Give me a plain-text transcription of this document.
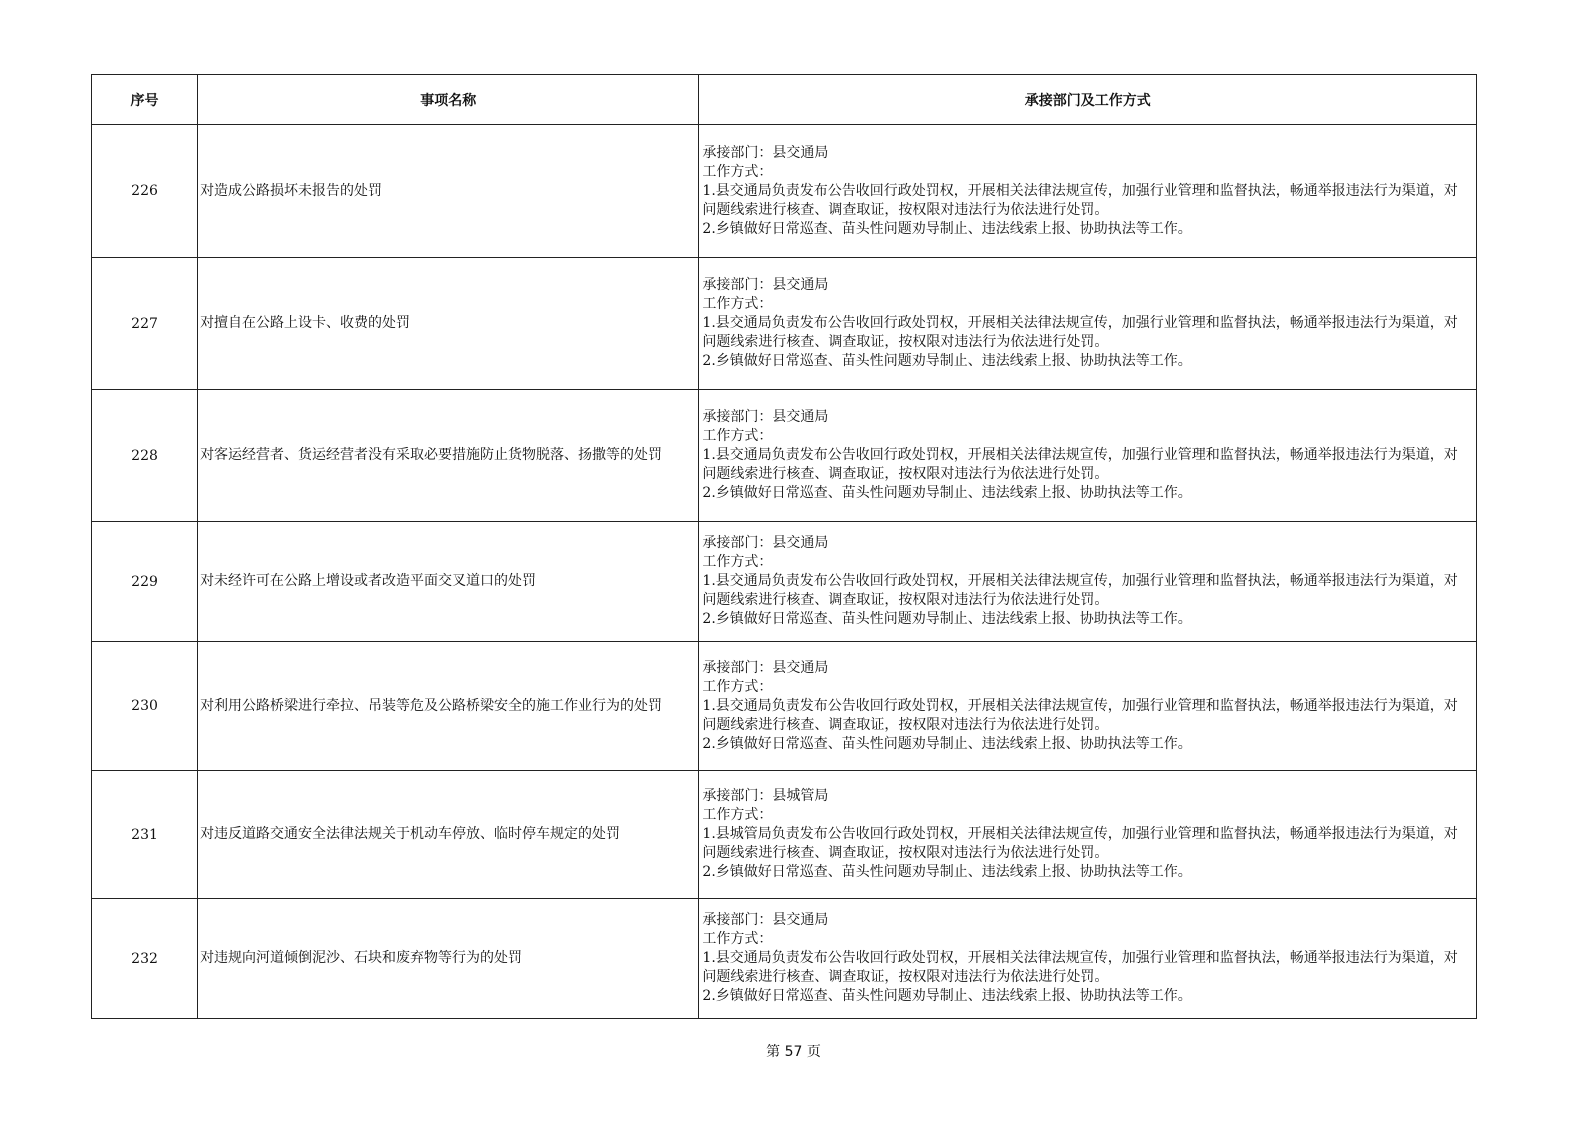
序号	事项名称	承接部门及工作方式
226	对造成公路损坏未报告的处罚	承接部门：县交通局
工作方式：
1.县交通局负责发布公告收回行政处罚权，开展相关法律法规宣传，加强行业管理和监督执法，畅通举报违法行为渠道，对问题线索进行核查、调查取证，按权限对违法行为依法进行处罚。
2.乡镇做好日常巡查、苗头性问题劝导制止、违法线索上报、协助执法等工作。

227	对擅自在公路上设卡、收费的处罚	承接部门：县交通局
工作方式：
1.县交通局负责发布公告收回行政处罚权，开展相关法律法规宣传，加强行业管理和监督执法，畅通举报违法行为渠道，对问题线索进行核查、调查取证，按权限对违法行为依法进行处罚。
2.乡镇做好日常巡查、苗头性问题劝导制止、违法线索上报、协助执法等工作。

228	对客运经营者、货运经营者没有采取必要措施防止货物脱落、扬撒等的处罚	承接部门：县交通局
工作方式：
1.县交通局负责发布公告收回行政处罚权，开展相关法律法规宣传，加强行业管理和监督执法，畅通举报违法行为渠道，对问题线索进行核查、调查取证，按权限对违法行为依法进行处罚。
2.乡镇做好日常巡查、苗头性问题劝导制止、违法线索上报、协助执法等工作。

229	对未经许可在公路上增设或者改造平面交叉道口的处罚	承接部门：县交通局
工作方式：
1.县交通局负责发布公告收回行政处罚权，开展相关法律法规宣传，加强行业管理和监督执法，畅通举报违法行为渠道，对问题线索进行核查、调查取证，按权限对违法行为依法进行处罚。
2.乡镇做好日常巡查、苗头性问题劝导制止、违法线索上报、协助执法等工作。

230	对利用公路桥梁进行牵拉、吊装等危及公路桥梁安全的施工作业行为的处罚	承接部门：县交通局
工作方式：
1.县交通局负责发布公告收回行政处罚权，开展相关法律法规宣传，加强行业管理和监督执法，畅通举报违法行为渠道，对问题线索进行核查、调查取证，按权限对违法行为依法进行处罚。
2.乡镇做好日常巡查、苗头性问题劝导制止、违法线索上报、协助执法等工作。

231	对违反道路交通安全法律法规关于机动车停放、临时停车规定的处罚	承接部门：县城管局
工作方式：
1.县城管局负责发布公告收回行政处罚权，开展相关法律法规宣传，加强行业管理和监督执法，畅通举报违法行为渠道，对问题线索进行核查、调查取证，按权限对违法行为依法进行处罚。
2.乡镇做好日常巡查、苗头性问题劝导制止、违法线索上报、协助执法等工作。

232	对违规向河道倾倒泥沙、石块和废弃物等行为的处罚	承接部门：县交通局
工作方式：
1.县交通局负责发布公告收回行政处罚权，开展相关法律法规宣传，加强行业管理和监督执法，畅通举报违法行为渠道，对问题线索进行核查、调查取证，按权限对违法行为依法进行处罚。
2.乡镇做好日常巡查、苗头性问题劝导制止、违法线索上报、协助执法等工作。
第 57 页
